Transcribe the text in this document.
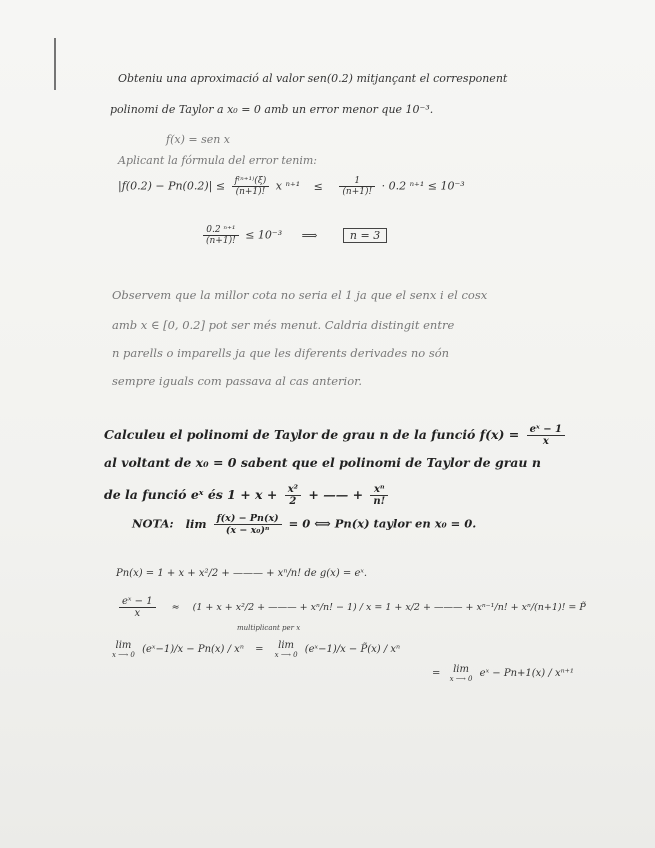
Obteniu una aproximació al valor sen(0.2) mitjançant el corresponent
polinomi de Taylor a x₀ = 0 amb un error menor que 10⁻³.
f(x) = sen x
Aplicant la fórmula del error tenim:
$|f(0.2) - Pn(0.2)| \le \frac{\text{f⁽ⁿ⁺¹⁾(ξ)}}{(n+1)!}$ x $^{n+1} \le \frac{1}{(n+1)!} \cdot 0.2$ ⁿ⁺¹ ≤ 10⁻³
$\frac{\text{0.2 ⁿ⁺¹}}{(n+1)!} \le 10^{-3}$ ⟹	n = 3
Observem que la millor cota no seria el 1 ja que el senx i el cosx
amb x ∈ [0, 0.2] pot ser més menut. Caldria distingit entre
n parells o imparells ja que les diferents derivades no són
sempre iguals com passava al cas anterior.
Calculeu el polinomi de Taylor de grau n de la funció $f(x) = \frac{\text{eˣ − 1}}{x}$
al voltant de x₀ = 0 sabent que el polinomi de Taylor de grau n
de la funció eˣ és $1 + x + \frac{\text{x²}}{2}$ + —— + $\frac{\text{xⁿ}}{n!}$
NOTA: $\lim \frac{f(x) - Pn(x)}{\text{(x − x₀)ⁿ}} = 0$ ⟺ Pn(x) taylor en x₀ = 0.
Pn(x) = 1 + x + x²/2 + ——— + xⁿ/n! de g(x) = eˣ.
$\frac{\text{eˣ − 1}}{x} \approx (1 + x + x^2/2$ + ——— + xⁿ/n! − 1) / x = 1 + x/2 + ——— + xⁿ⁻¹/n! + xⁿ/(n+1)! = P̃
multiplicant per x
lim
x ⟶ 0 (eˣ−1)/x − Pn(x) / xⁿ = lim
x ⟶ 0 (eˣ−1)/x − P̃(x) / xⁿ
= lim
x ⟶ 0 eˣ − Pn+1(x) / xⁿ⁺¹
